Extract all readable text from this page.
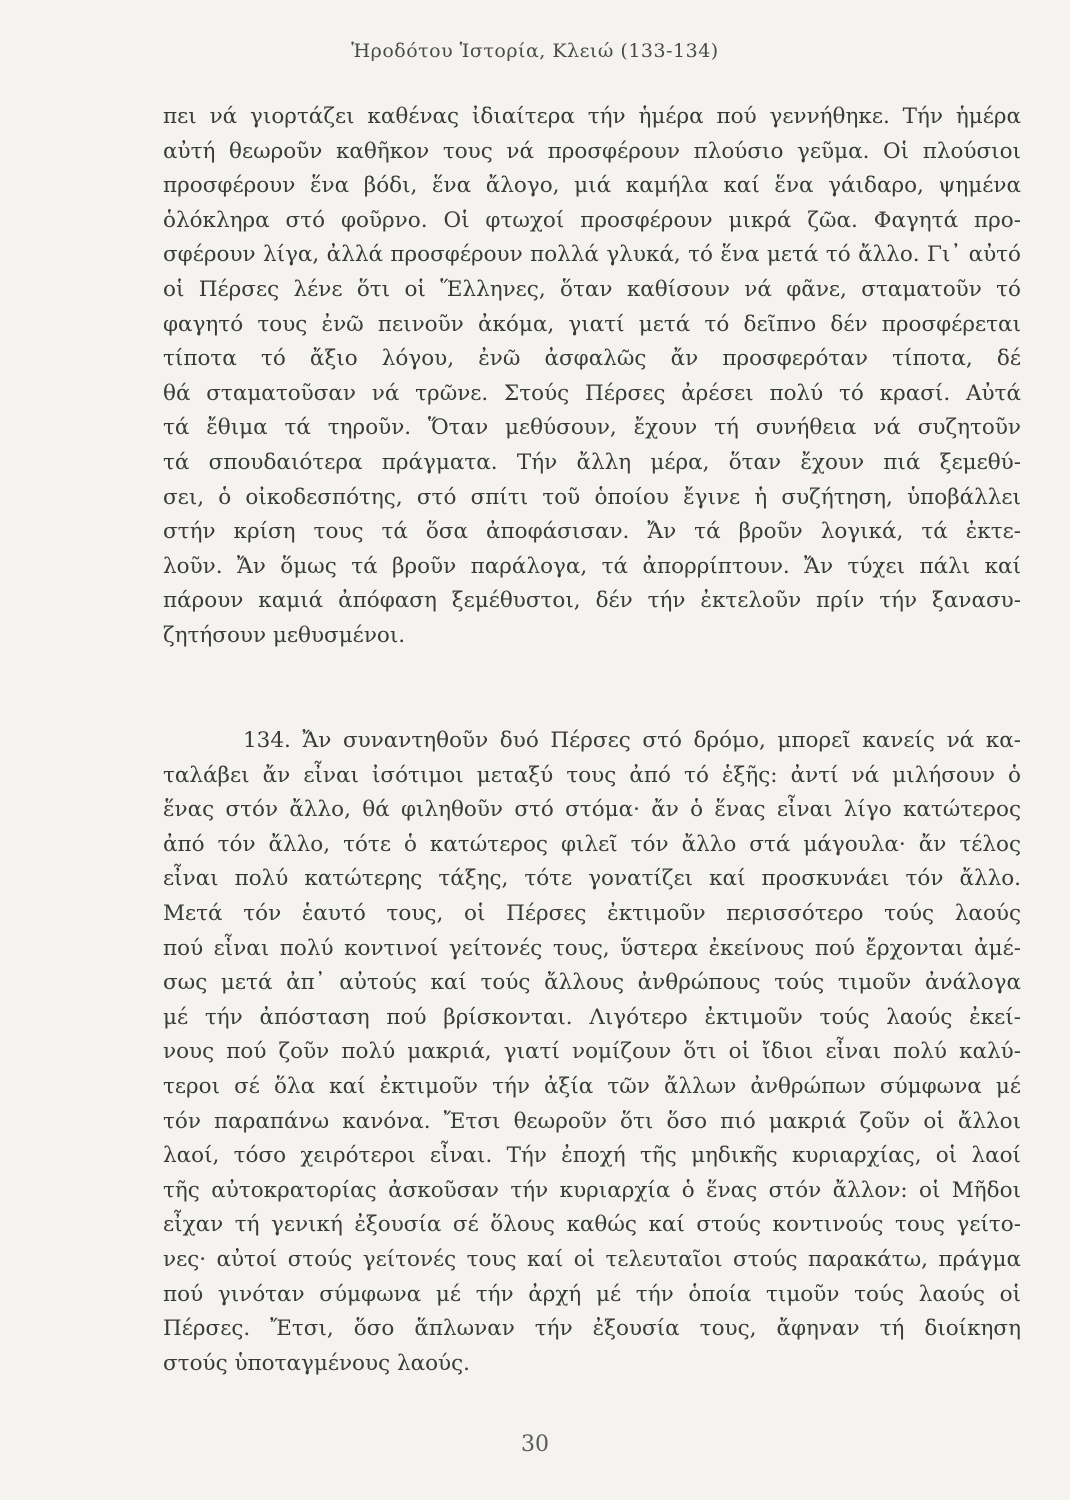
Ἡροδότου Ἱστορία, Κλειώ (133-134)
πει νά γιορτάζει καθένας ἰδιαίτερα τήν ἡμέρα πού γεννήθηκε. Τήν ἡμέρα
αὐτή θεωροῦν καθῆκον τους νά προσφέρουν πλούσιο γεῦμα. Οἱ πλούσιοι
προσφέρουν ἕνα βόδι, ἕνα ἄλογο, μιά καμήλα καί ἕνα γάιδαρο, ψημένα
ὁλόκληρα στό φοῦρνο. Οἱ φτωχοί προσφέρουν μικρά ζῶα. Φαγητά προ-
σφέρουν λίγα, ἀλλά προσφέρουν πολλά γλυκά, τό ἕνα μετά τό ἄλλο. Γι᾿ αὐτό
οἱ Πέρσες λένε ὅτι οἱ Ἕλληνες, ὅταν καθίσουν νά φᾶνε, σταματοῦν τό
φαγητό τους ἐνῶ πεινοῦν ἀκόμα, γιατί μετά τό δεῖπνο δέν προσφέρεται
τίποτα τό ἄξιο λόγου, ἐνῶ ἀσφαλῶς ἄν προσφερόταν τίποτα, δέ
θά σταματοῦσαν νά τρῶνε. Στούς Πέρσες ἀρέσει πολύ τό κρασί. Αὐτά
τά ἔθιμα τά τηροῦν. Ὅταν μεθύσουν, ἔχουν τή συνήθεια νά συζητοῦν
τά σπουδαιότερα πράγματα. Τήν ἄλλη μέρα, ὅταν ἔχουν πιά ξεμεθύ-
σει, ὁ οἰκοδεσπότης, στό σπίτι τοῦ ὁποίου ἔγινε ἡ συζήτηση, ὑποβάλλει
στήν κρίση τους τά ὅσα ἀποφάσισαν. Ἄν τά βροῦν λογικά, τά ἐκτε-
λοῦν. Ἄν ὅμως τά βροῦν παράλογα, τά ἀπορρίπτουν. Ἄν τύχει πάλι καί
πάρουν καμιά ἀπόφαση ξεμέθυστοι, δέν τήν ἐκτελοῦν πρίν τήν ξανασυ-
ζητήσουν μεθυσμένοι.
134. Ἄν συναντηθοῦν δυό Πέρσες στό δρόμο, μπορεῖ κανείς νά κα-
ταλάβει ἄν εἶναι ἰσότιμοι μεταξύ τους ἀπό τό ἑξῆς: ἀντί νά μιλήσουν ὁ
ἕνας στόν ἄλλο, θά φιληθοῦν στό στόμα· ἄν ὁ ἕνας εἶναι λίγο κατώτερος
ἀπό τόν ἄλλο, τότε ὁ κατώτερος φιλεῖ τόν ἄλλο στά μάγουλα· ἄν τέλος
εἶναι πολύ κατώτερης τάξης, τότε γονατίζει καί προσκυνάει τόν ἄλλο.
Μετά τόν ἑαυτό τους, οἱ Πέρσες ἐκτιμοῦν περισσότερο τούς λαούς
πού εἶναι πολύ κοντινοί γείτονές τους, ὕστερα ἐκείνους πού ἔρχονται ἀμέ-
σως μετά ἀπ᾿ αὐτούς καί τούς ἄλλους ἀνθρώπους τούς τιμοῦν ἀνάλογα
μέ τήν ἀπόσταση πού βρίσκονται. Λιγότερο ἐκτιμοῦν τούς λαούς ἐκεί-
νους πού ζοῦν πολύ μακριά, γιατί νομίζουν ὅτι οἱ ἴδιοι εἶναι πολύ καλύ-
τεροι σέ ὅλα καί ἐκτιμοῦν τήν ἀξία τῶν ἄλλων ἀνθρώπων σύμφωνα μέ
τόν παραπάνω κανόνα. Ἔτσι θεωροῦν ὅτι ὅσο πιό μακριά ζοῦν οἱ ἄλλοι
λαοί, τόσο χειρότεροι εἶναι. Τήν ἐποχή τῆς μηδικῆς κυριαρχίας, οἱ λαοί
τῆς αὐτοκρατορίας ἀσκοῦσαν τήν κυριαρχία ὁ ἕνας στόν ἄλλον: οἱ Μῆδοι
εἶχαν τή γενική ἐξουσία σέ ὅλους καθώς καί στούς κοντινούς τους γείτο-
νες· αὐτοί στούς γείτονές τους καί οἱ τελευταῖοι στούς παρακάτω, πράγμα
πού γινόταν σύμφωνα μέ τήν ἀρχή μέ τήν ὁποία τιμοῦν τούς λαούς οἱ
Πέρσες. Ἔτσι, ὅσο ἅπλωναν τήν ἐξουσία τους, ἄφηναν τή διοίκηση
στούς ὑποταγμένους λαούς.
30
